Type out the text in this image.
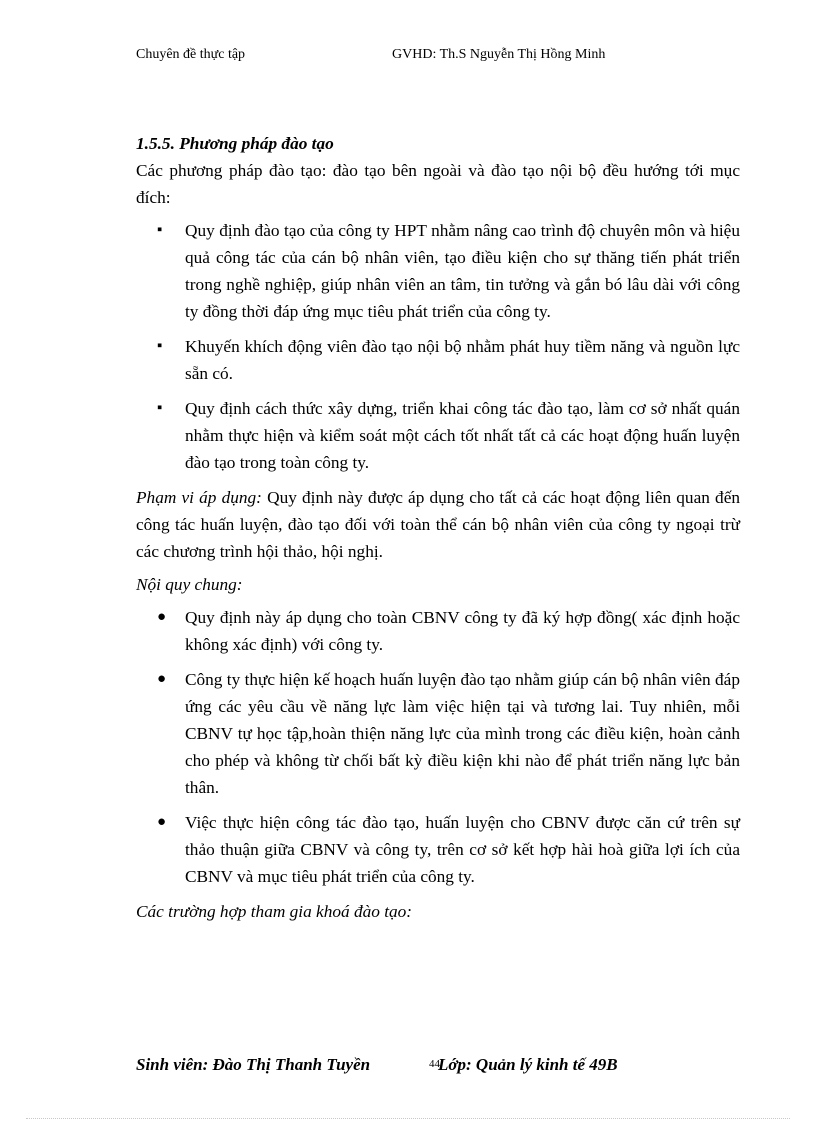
Chuyên đề thực tập	GVHD: Th.S Nguyễn Thị Hồng Minh

1.5.5. Phương pháp đào tạo

Các phương pháp đào tạo: đào tạo bên ngoài và đào tạo nội bộ đều hướng tới mục đích:

▪ Quy định đào tạo của công ty HPT nhằm nâng cao trình độ chuyên môn và hiệu quả công tác của cán bộ nhân viên, tạo điều kiện cho sự thăng tiến phát triển trong nghề nghiệp, giúp nhân viên an tâm, tin tưởng và gắn bó lâu dài với công ty đồng thời đáp ứng mục tiêu phát triển của công ty.
▪ Khuyến khích động viên đào tạo nội bộ nhằm phát huy tiềm năng và nguồn lực sẵn có.
▪ Quy định cách thức xây dựng, triển khai công tác đào tạo, làm cơ sở nhất quán nhằm thực hiện và kiểm soát một cách tốt nhất tất cả các hoạt động huấn luyện đào tạo trong toàn công ty.

Phạm vi áp dụng: Quy định này được áp dụng cho tất cả các hoạt động liên quan đến công tác huấn luyện, đào tạo đối với toàn thể cán bộ nhân viên của công ty ngoại trừ các chương trình hội thảo, hội nghị.

Nội quy chung:

● Quy định này áp dụng cho toàn CBNV công ty đã ký hợp đồng( xác định hoặc không xác định) với công ty.
● Công ty thực hiện kế hoạch huấn luyện đào tạo nhằm giúp cán bộ nhân viên đáp ứng các yêu cầu về năng lực làm việc hiện tại và tương lai. Tuy nhiên, mỗi CBNV tự học tập,hoàn thiện năng lực của mình trong các điều kiện, hoàn cảnh cho phép và không từ chối bất kỳ điều kiện khi nào để phát triển năng lực bản thân.
● Việc thực hiện công tác đào tạo, huấn luyện cho CBNV được căn cứ trên sự thảo thuận giữa CBNV và công ty, trên cơ sở kết hợp hài hoà giữa lợi ích của CBNV và mục tiêu phát triển của công ty.

Các trường hợp tham gia khoá đào tạo:

Sinh viên: Đào Thị Thanh Tuyền	44
Lớp: Quản lý kinh tế 49B
